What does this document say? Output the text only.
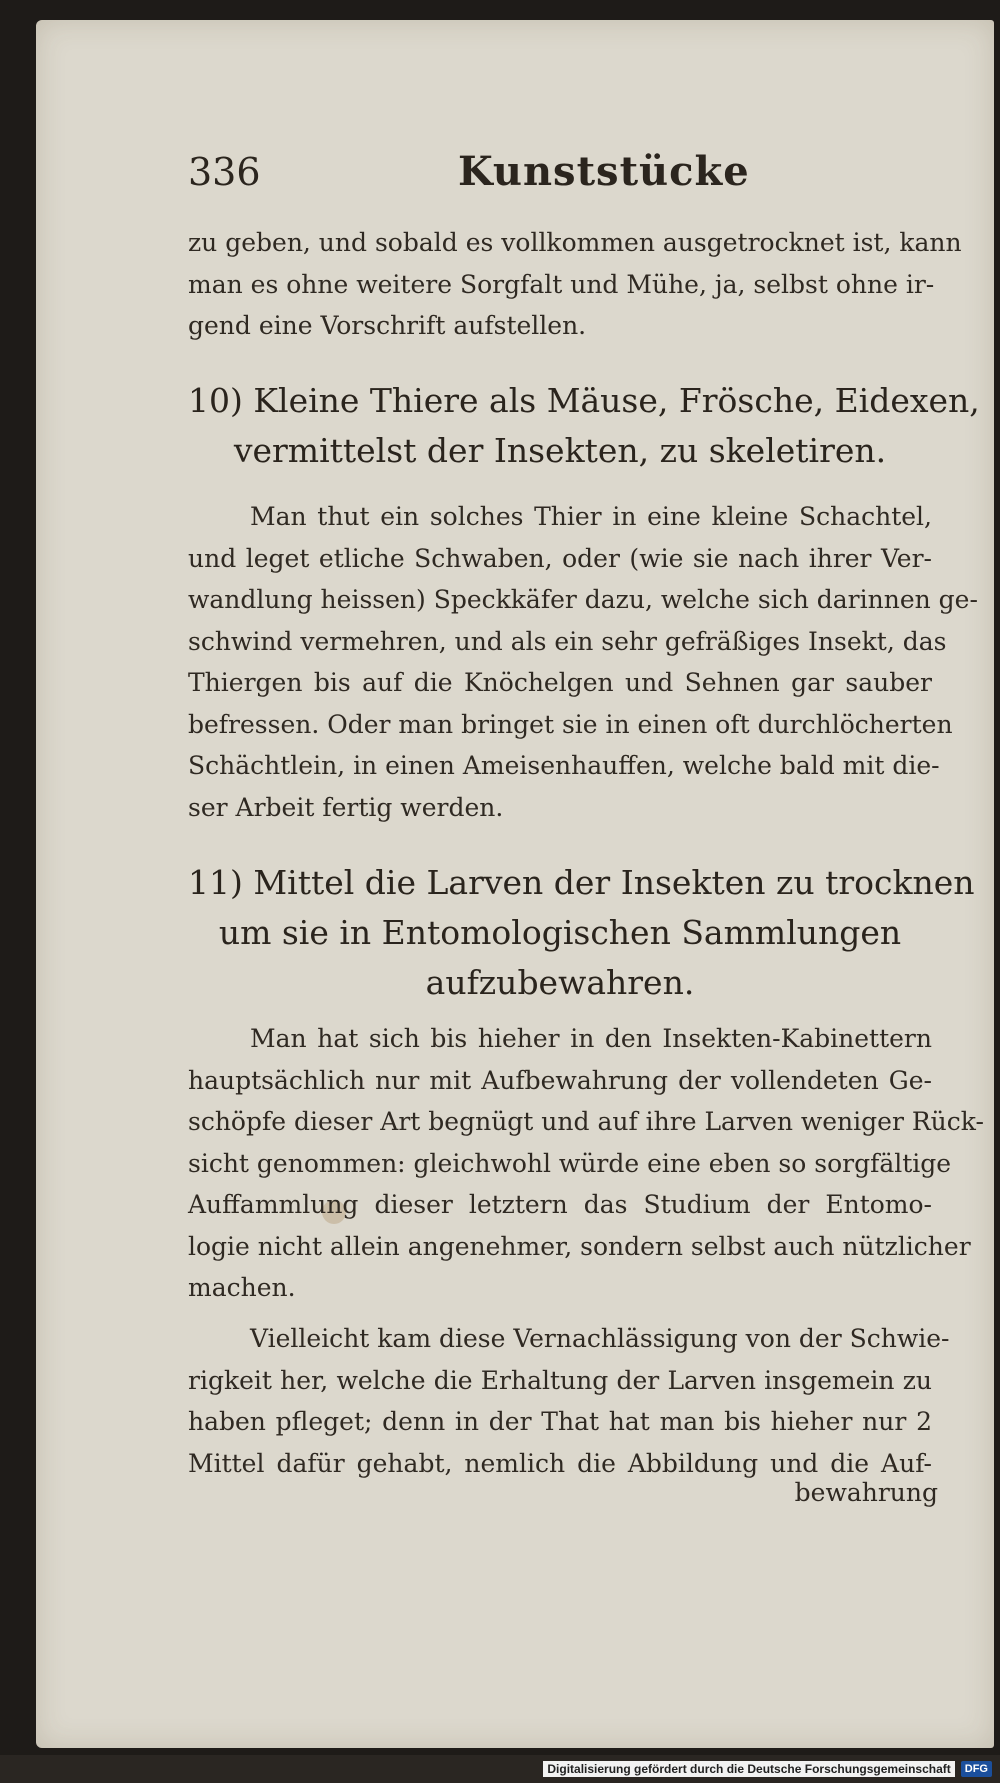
336	Kunststücke

zu geben, und sobald es vollkommen ausgetrocknet ist, kann
man es ohne weitere Sorgfalt und Mühe, ja, selbst ohne ir-
gend eine Vorschrift aufstellen.

10) Kleine Thiere als Mäuse, Frösche, Eidexen,
vermittelst der Insekten, zu skeletiren.

Man thut ein solches Thier in eine kleine Schachtel,
und leget etliche Schwaben, oder (wie sie nach ihrer Ver-
wandlung heissen) Speckkäfer dazu, welche sich darinnen ge-
schwind vermehren, und als ein sehr gefräßiges Insekt, das
Thiergen bis auf die Knöchelgen und Sehnen gar sauber
befressen. Oder man bringet sie in einen oft durchlöcherten
Schächtlein, in einen Ameisenhauffen, welche bald mit die-
ser Arbeit fertig werden.

11) Mittel die Larven der Insekten zu trocknen
um sie in Entomologischen Sammlungen
aufzubewahren.

Man hat sich bis hieher in den Insekten-Kabinettern
hauptsächlich nur mit Aufbewahrung der vollendeten Ge-
schöpfe dieser Art begnügt und auf ihre Larven weniger Rück-
sicht genommen: gleichwohl würde eine eben so sorgfältige
Auffammlung dieser letztern das Studium der Entomo-
logie nicht allein angenehmer, sondern selbst auch nützlicher
machen.

Vielleicht kam diese Vernachlässigung von der Schwie-
rigkeit her, welche die Erhaltung der Larven insgemein zu
haben pfleget; denn in der That hat man bis hieher nur 2
Mittel dafür gehabt, nemlich die Abbildung und die Auf-

bewahrung
Digitalisierung gefördert durch die Deutsche Forschungsgemeinschaft	DFG
